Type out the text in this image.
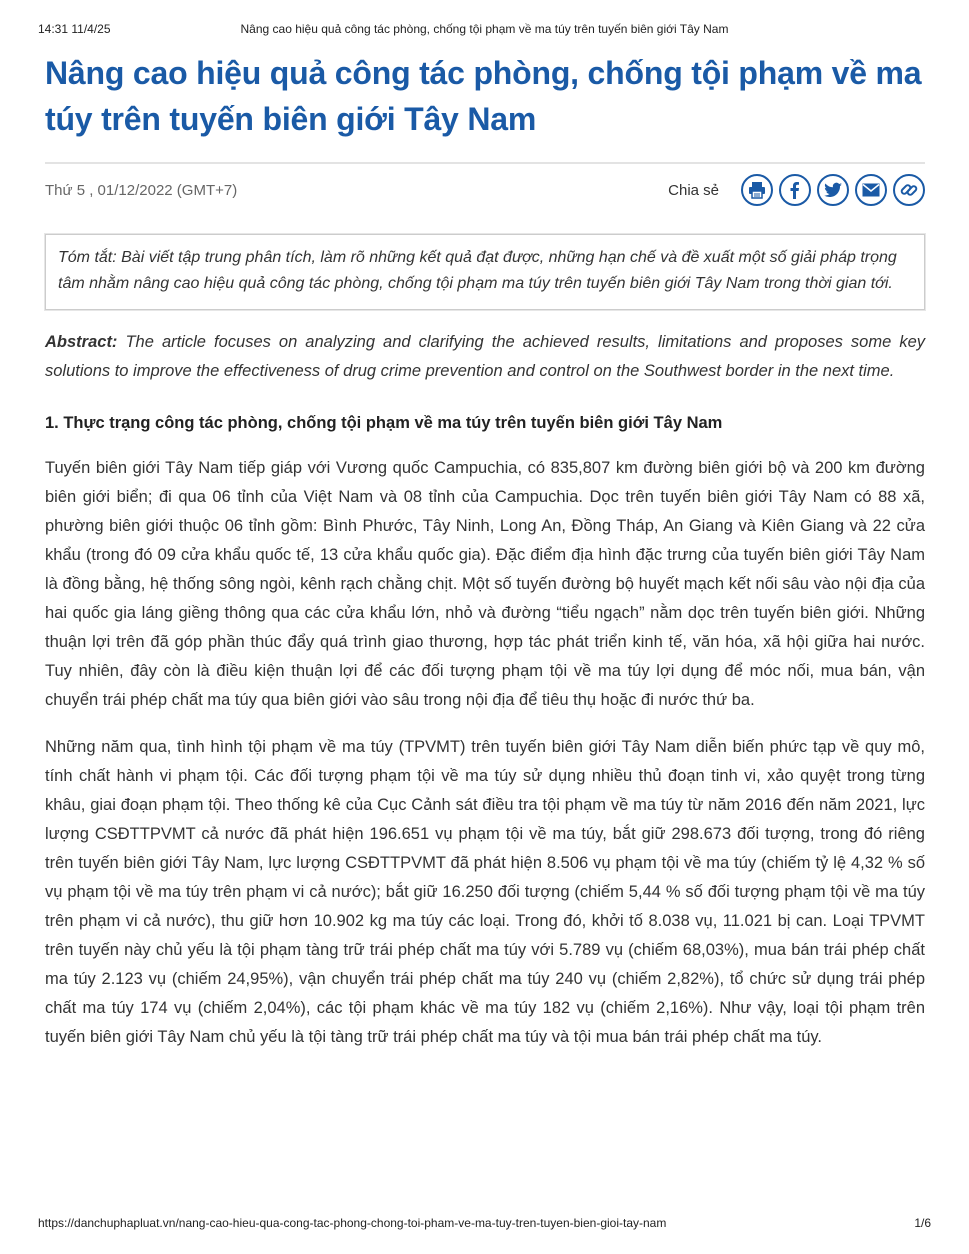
14:31 11/4/25	Nâng cao hiệu quả công tác phòng, chống tội phạm về ma túy trên tuyến biên giới Tây Nam
Nâng cao hiệu quả công tác phòng, chống tội phạm về ma túy trên tuyến biên giới Tây Nam
Thứ 5 , 01/12/2022 (GMT+7)	Chia sẻ
Tóm tắt: Bài viết tập trung phân tích, làm rõ những kết quả đạt được, những hạn chế và đề xuất một số giải pháp trọng tâm nhằm nâng cao hiệu quả công tác phòng, chống tội phạm ma túy trên tuyến biên giới Tây Nam trong thời gian tới.
Abstract: The article focuses on analyzing and clarifying the achieved results, limitations and proposes some key solutions to improve the effectiveness of drug crime prevention and control on the Southwest border in the next time.
1. Thực trạng công tác phòng, chống tội phạm về ma túy trên tuyến biên giới Tây Nam

Tuyến biên giới Tây Nam tiếp giáp với Vương quốc Campuchia, có 835,807 km đường biên giới bộ và 200 km đường biên giới biển; đi qua 06 tỉnh của Việt Nam và 08 tỉnh của Campuchia. Dọc trên tuyến biên giới Tây Nam có 88 xã, phường biên giới thuộc 06 tỉnh gồm: Bình Phước, Tây Ninh, Long An, Đồng Tháp, An Giang và Kiên Giang và 22 cửa khẩu (trong đó 09 cửa khẩu quốc tế, 13 cửa khẩu quốc gia). Đặc điểm địa hình đặc trưng của tuyến biên giới Tây Nam là đồng bằng, hệ thống sông ngòi, kênh rạch chằng chịt. Một số tuyến đường bộ huyết mạch kết nối sâu vào nội địa của hai quốc gia láng giềng thông qua các cửa khẩu lớn, nhỏ và đường “tiểu ngạch” nằm dọc trên tuyến biên giới. Những thuận lợi trên đã góp phần thúc đẩy quá trình giao thương, hợp tác phát triển kinh tế, văn hóa, xã hội giữa hai nước. Tuy nhiên, đây còn là điều kiện thuận lợi để các đối tượng phạm tội về ma túy lợi dụng để móc nối, mua bán, vận chuyển trái phép chất ma túy qua biên giới vào sâu trong nội địa để tiêu thụ hoặc đi nước thứ ba.

Những năm qua, tình hình tội phạm về ma túy (TPVMT) trên tuyến biên giới Tây Nam diễn biến phức tạp về quy mô, tính chất hành vi phạm tội. Các đối tượng phạm tội về ma túy sử dụng nhiều thủ đoạn tinh vi, xảo quyệt trong từng khâu, giai đoạn phạm tội. Theo thống kê của Cục Cảnh sát điều tra tội phạm về ma túy từ năm 2016 đến năm 2021, lực lượng CSĐTTPVMT cả nước đã phát hiện 196.651 vụ phạm tội về ma túy, bắt giữ 298.673 đối tượng, trong đó riêng trên tuyến biên giới Tây Nam, lực lượng CSĐTTPVMT đã phát hiện 8.506 vụ phạm tội về ma túy (chiếm tỷ lệ 4,32 % số vụ phạm tội về ma túy trên phạm vi cả nước); bắt giữ 16.250 đối tượng (chiếm 5,44 % số đối tượng phạm tội về ma túy trên phạm vi cả nước), thu giữ hơn 10.902 kg ma túy các loại. Trong đó, khởi tố 8.038 vụ, 11.021 bị can. Loại TPVMT trên tuyến này chủ yếu là tội phạm tàng trữ trái phép chất ma túy với 5.789 vụ (chiếm 68,03%), mua bán trái phép chất ma túy 2.123 vụ (chiếm 24,95%), vận chuyển trái phép chất ma túy 240 vụ (chiếm 2,82%), tổ chức sử dụng trái phép chất ma túy 174 vụ (chiếm 2,04%), các tội phạm khác về ma túy 182 vụ (chiếm 2,16%). Như vậy, loại tội phạm trên tuyến biên giới Tây Nam chủ yếu là tội tàng trữ trái phép chất ma túy và tội mua bán trái phép chất ma túy.

https://danchuphapluat.vn/nang-cao-hieu-qua-cong-tac-phong-chong-toi-pham-ve-ma-tuy-tren-tuyen-bien-gioi-tay-nam	1/6
